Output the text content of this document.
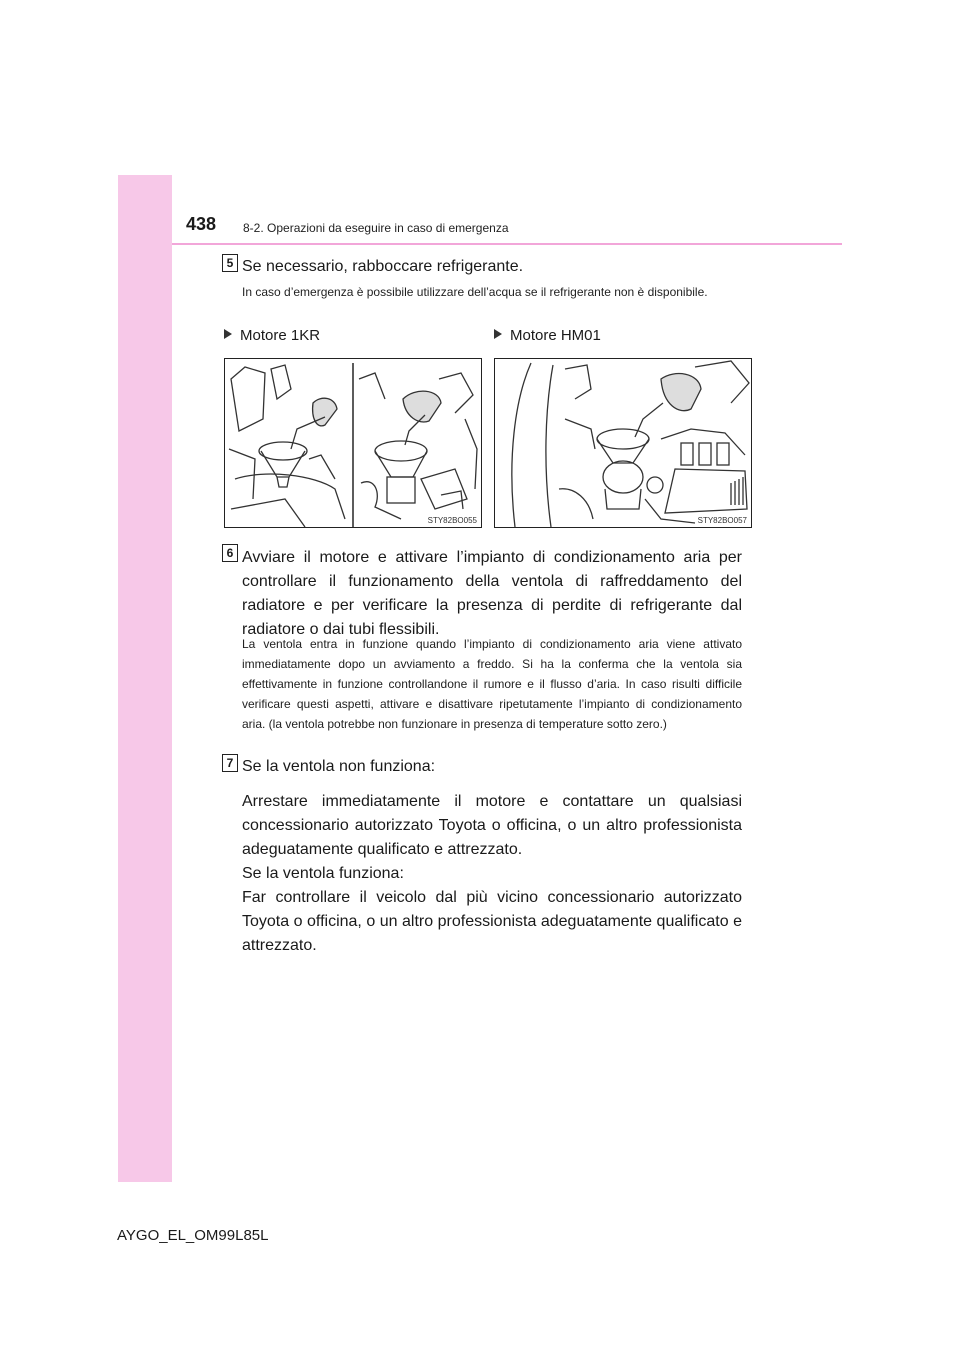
438 8-2. Operazioni da eseguire in caso di emergenza
5 Se necessario, rabboccare refrigerante.
In caso d’emergenza è possibile utilizzare dell’acqua se il refrigerante non è disponibile.
Motore 1KR	Motore HM01
STY82BO055	STY82BO057
6 Avviare il motore e attivare l’impianto di condizionamento aria per controllare il funzionamento della ventola di raffreddamento del radiatore e per verificare la presenza di perdite di refrigerante dal radiatore o dai tubi flessibili.
La ventola entra in funzione quando l’impianto di condizionamento aria viene attivato immediatamente dopo un avviamento a freddo. Si ha la conferma che la ventola sia effettivamente in funzione controllandone il rumore e il flusso d’aria. In caso risulti difficile verificare questi aspetti, attivare e disattivare ripetutamente l’impianto di condizionamento aria. (la ventola potrebbe non funzionare in presenza di temperature sotto zero.)
7 Se la ventola non funziona:
Arrestare immediatamente il motore e contattare un qualsiasi concessionario autorizzato Toyota o officina, o un altro professionista adeguatamente qualificato e attrezzato.
Se la ventola funziona:
Far controllare il veicolo dal più vicino concessionario autorizzato Toyota o officina, o un altro professionista adeguatamente qualificato e attrezzato.
AYGO_EL_OM99L85L
